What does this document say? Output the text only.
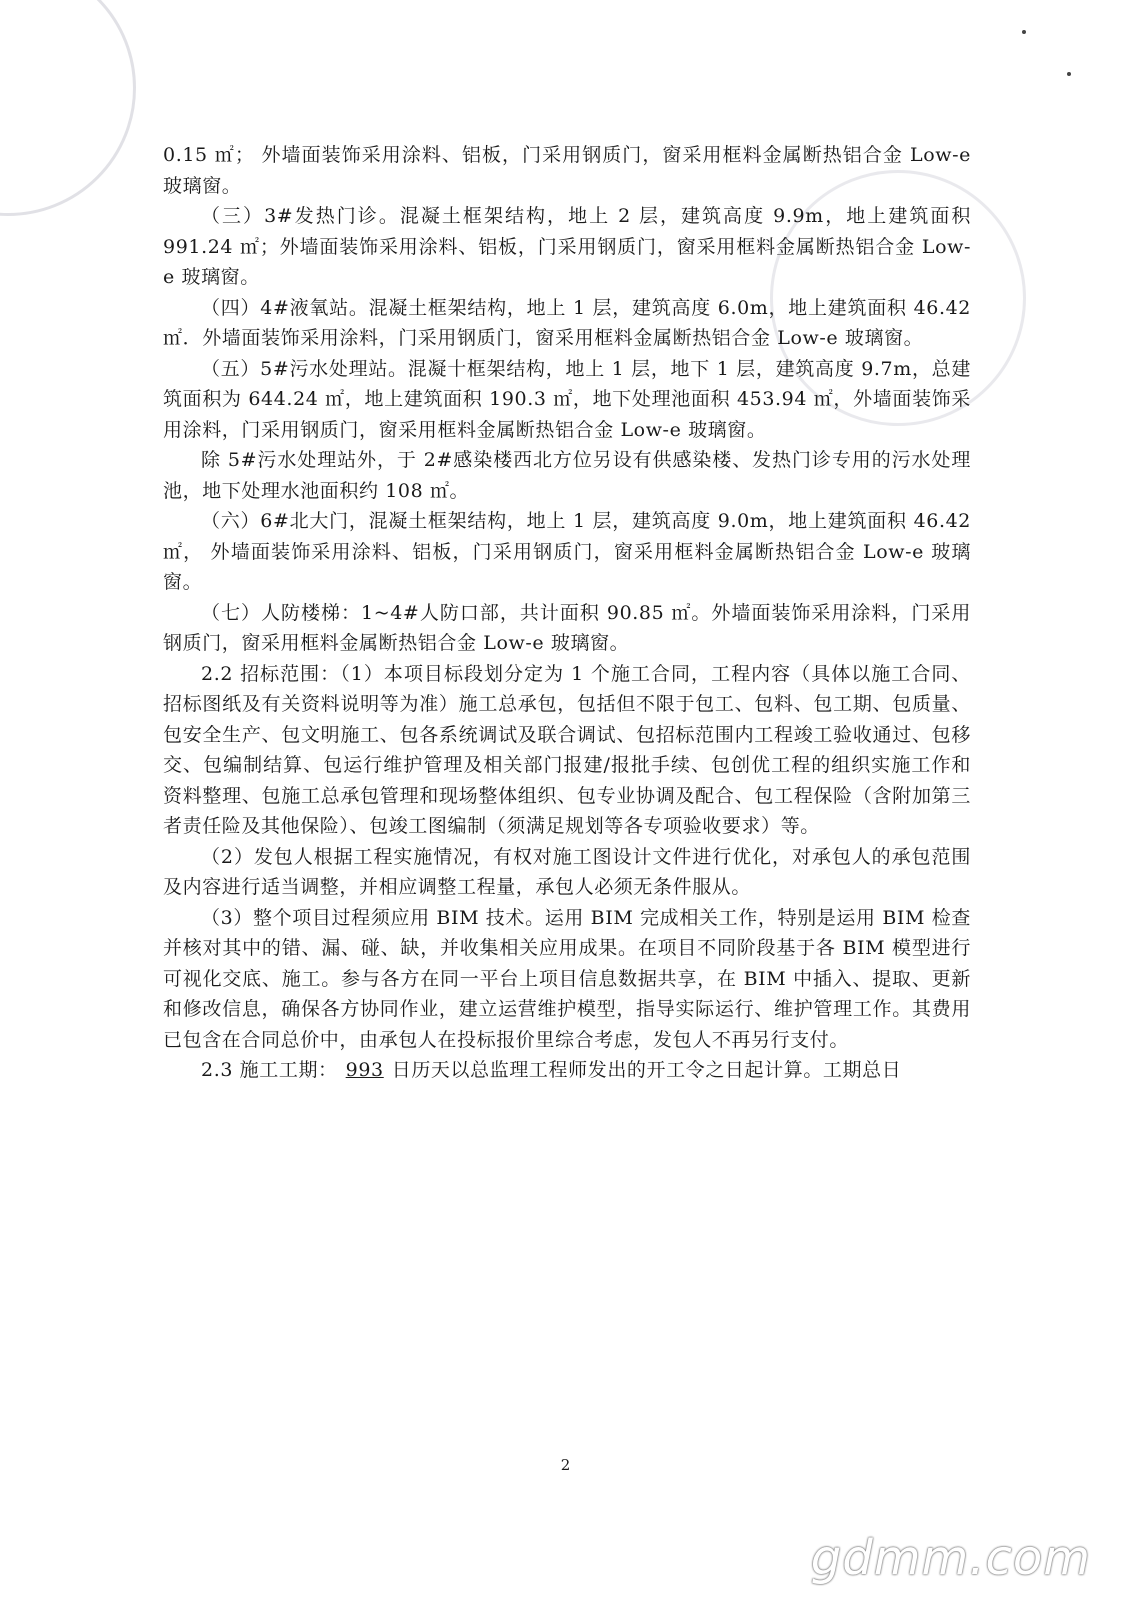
0.15 ㎡； 外墙面装饰采用涂料、铝板，门采用钢质门，窗采用框料金属断热铝合金 Low-e 玻璃窗。

（三）3#发热门诊。混凝土框架结构，地上 2 层，建筑高度 9.9m，地上建筑面积 991.24 ㎡；外墙面装饰采用涂料、铝板，门采用钢质门，窗采用框料金属断热铝合金 Low-e 玻璃窗。

（四）4#液氧站。混凝土框架结构，地上 1 层，建筑高度 6.0m，地上建筑面积 46.42 ㎡．外墙面装饰采用涂料，门采用钢质门，窗采用框料金属断热铝合金 Low-e 玻璃窗。

（五）5#污水处理站。混凝十框架结构，地上 1 层，地下 1 层，建筑高度 9.7m，总建筑面积为 644.24 ㎡，地上建筑面积 190.3 ㎡，地下处理池面积 453.94 ㎡，外墙面装饰采用涂料，门采用钢质门，窗采用框料金属断热铝合金 Low-e 玻璃窗。

除 5#污水处理站外，于 2#感染楼西北方位另设有供感染楼、发热门诊专用的污水处理池，地下处理水池面积约 108 ㎡。

（六）6#北大门，混凝土框架结构，地上 1 层，建筑高度 9.0m，地上建筑面积 46.42 ㎡， 外墙面装饰采用涂料、铝板，门采用钢质门，窗采用框料金属断热铝合金 Low-e 玻璃窗。

（七）人防楼梯：1~4#人防口部，共计面积 90.85 ㎡。外墙面装饰采用涂料，门采用钢质门，窗采用框料金属断热铝合金 Low-e 玻璃窗。

2.2 招标范围：（1）本项目标段划分定为 1 个施工合同，工程内容（具体以施工合同、招标图纸及有关资料说明等为准）施工总承包，包括但不限于包工、包料、包工期、包质量、包安全生产、包文明施工、包各系统调试及联合调试、包招标范围内工程竣工验收通过、包移交、包编制结算、包运行维护管理及相关部门报建/报批手续、包创优工程的组织实施工作和资料整理、包施工总承包管理和现场整体组织、包专业协调及配合、包工程保险（含附加第三者责任险及其他保险）、包竣工图编制（须满足规划等各专项验收要求）等。

（2）发包人根据工程实施情况，有权对施工图设计文件进行优化，对承包人的承包范围及内容进行适当调整，并相应调整工程量，承包人必须无条件服从。

（3）整个项目过程须应用 BIM 技术。运用 BIM 完成相关工作，特别是运用 BIM 检查并核对其中的错、漏、碰、缺，并收集相关应用成果。在项目不同阶段基于各 BIM 模型进行可视化交底、施工。参与各方在同一平台上项目信息数据共享，在 BIM 中插入、提取、更新和修改信息，确保各方协同作业，建立运营维护模型，指导实际运行、维护管理工作。其费用已包含在合同总价中，由承包人在投标报价里综合考虑，发包人不再另行支付。

2.3 施工工期： 993 日历天以总监理工程师发出的开工令之日起计算。工期总日

2
gdmm.com
